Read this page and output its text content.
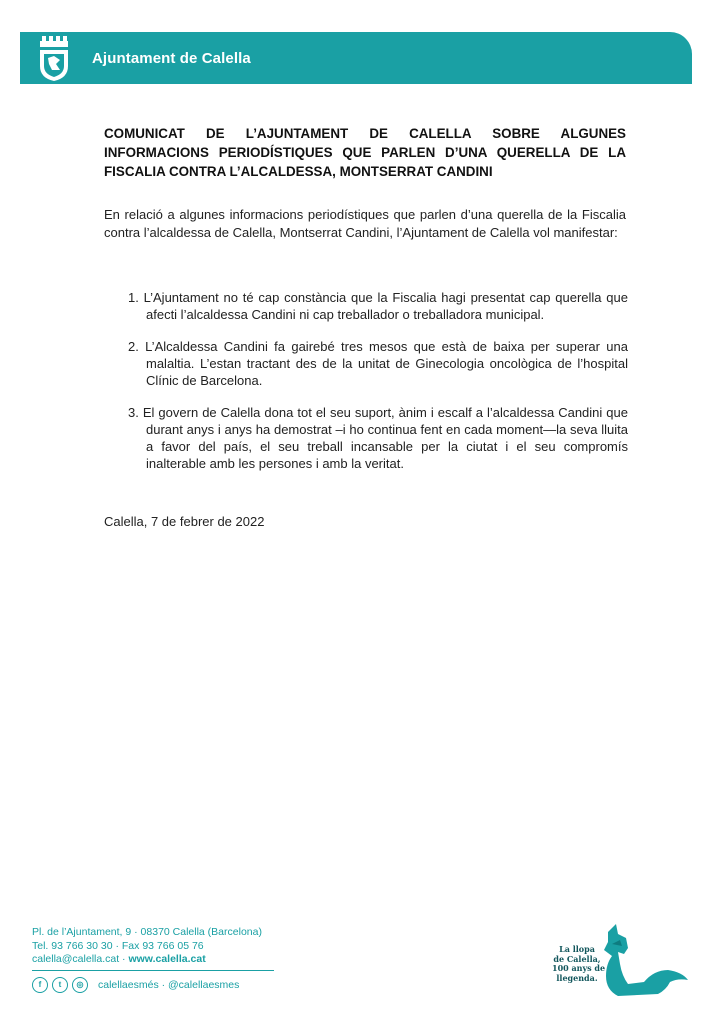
Ajuntament de Calella
COMUNICAT DE L’AJUNTAMENT DE CALELLA SOBRE ALGUNES INFORMACIONS PERIODÍSTIQUES QUE PARLEN D’UNA QUERELLA DE LA FISCALIA CONTRA L’ALCALDESSA, MONTSERRAT CANDINI
En relació a algunes informacions periodístiques que parlen d’una querella de la Fiscalia contra l’alcaldessa de Calella, Montserrat Candini, l’Ajuntament de Calella vol manifestar:

1. L’Ajuntament no té cap constància que la Fiscalia hagi presentat cap querella que afecti l’alcaldessa Candini ni cap treballador o treballadora municipal.

2. L’Alcaldessa Candini fa gairebé tres mesos que està de baixa per superar una malaltia. L’estan tractant des de la unitat de Ginecologia oncològica de l’hospital Clínic de Barcelona.

3. El govern de Calella dona tot el seu suport, ànim i escalf a l’alcaldessa Candini que durant anys i anys ha demostrat –i ho continua fent en cada moment—la seva lluita a favor del país, el seu treball incansable per la ciutat i el seu compromís inalterable amb les persones i amb la veritat.

Calella, 7 de febrer de 2022
Pl. de l’Ajuntament, 9 · 08370 Calella (Barcelona)
Tel. 93 766 30 30 · Fax 93 766 05 76
calella@calella.cat · www.calella.cat
f	t	◎	calellaesmés · @calellaesmes
La llopa
de Calella,
100 anys de
llegenda.
